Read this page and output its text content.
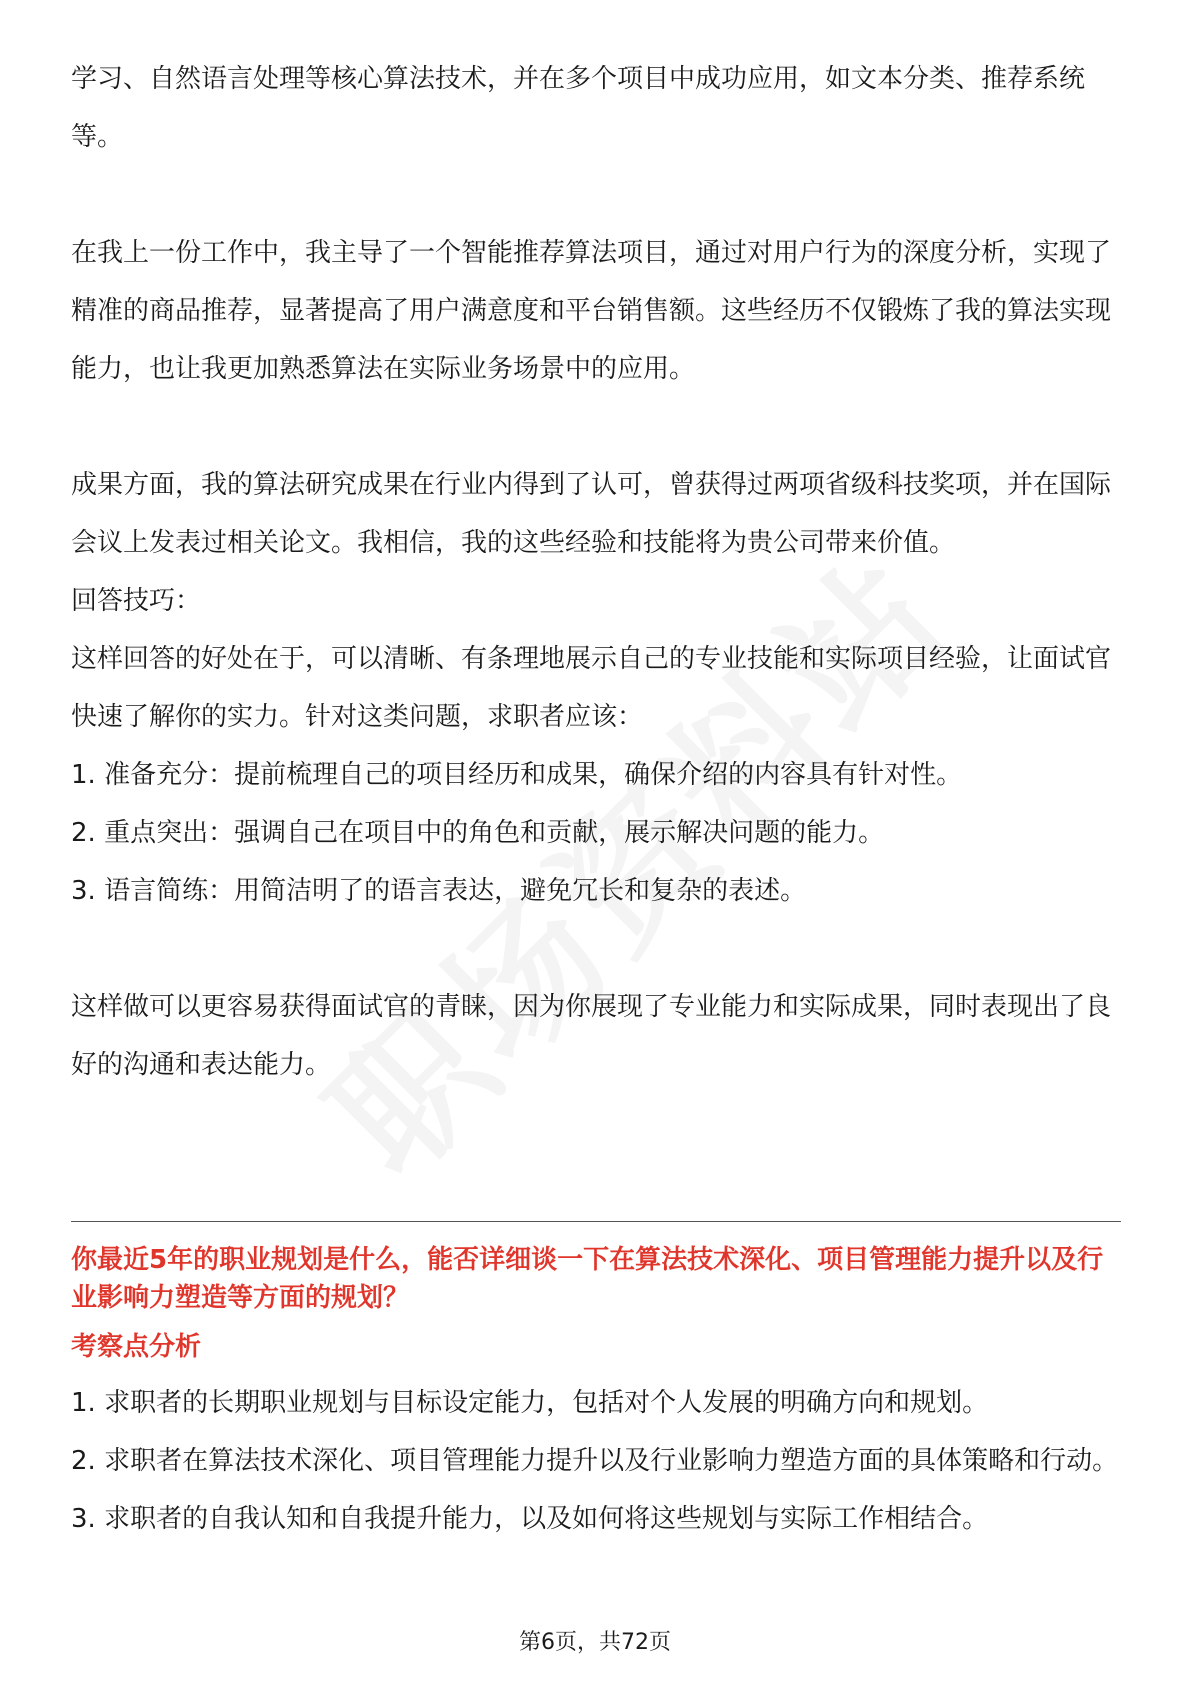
学习、自然语言处理等核心算法技术，并在多个项目中成功应用，如文本分类、推荐系统等。

在我上一份工作中，我主导了一个智能推荐算法项目，通过对用户行为的深度分析，实现了精准的商品推荐，显著提高了用户满意度和平台销售额。这些经历不仅锻炼了我的算法实现能力，也让我更加熟悉算法在实际业务场景中的应用。

成果方面，我的算法研究成果在行业内得到了认可，曾获得过两项省级科技奖项，并在国际会议上发表过相关论文。我相信，我的这些经验和技能将为贵公司带来价值。

回答技巧：

这样回答的好处在于，可以清晰、有条理地展示自己的专业技能和实际项目经验，让面试官快速了解你的实力。针对这类问题，求职者应该：

1. 准备充分：提前梳理自己的项目经历和成果，确保介绍的内容具有针对性。

2. 重点突出：强调自己在项目中的角色和贡献，展示解决问题的能力。

3. 语言简练：用简洁明了的语言表达，避免冗长和复杂的表述。

这样做可以更容易获得面试官的青睐，因为你展现了专业能力和实际成果，同时表现出了良好的沟通和表达能力。

你最近5年的职业规划是什么，能否详细谈一下在算法技术深化、项目管理能力提升以及行业影响力塑造等方面的规划？

考察点分析

1. 求职者的长期职业规划与目标设定能力，包括对个人发展的明确方向和规划。

2. 求职者在算法技术深化、项目管理能力提升以及行业影响力塑造方面的具体策略和行动。

3. 求职者的自我认知和自我提升能力，以及如何将这些规划与实际工作相结合。

第6页，共72页
